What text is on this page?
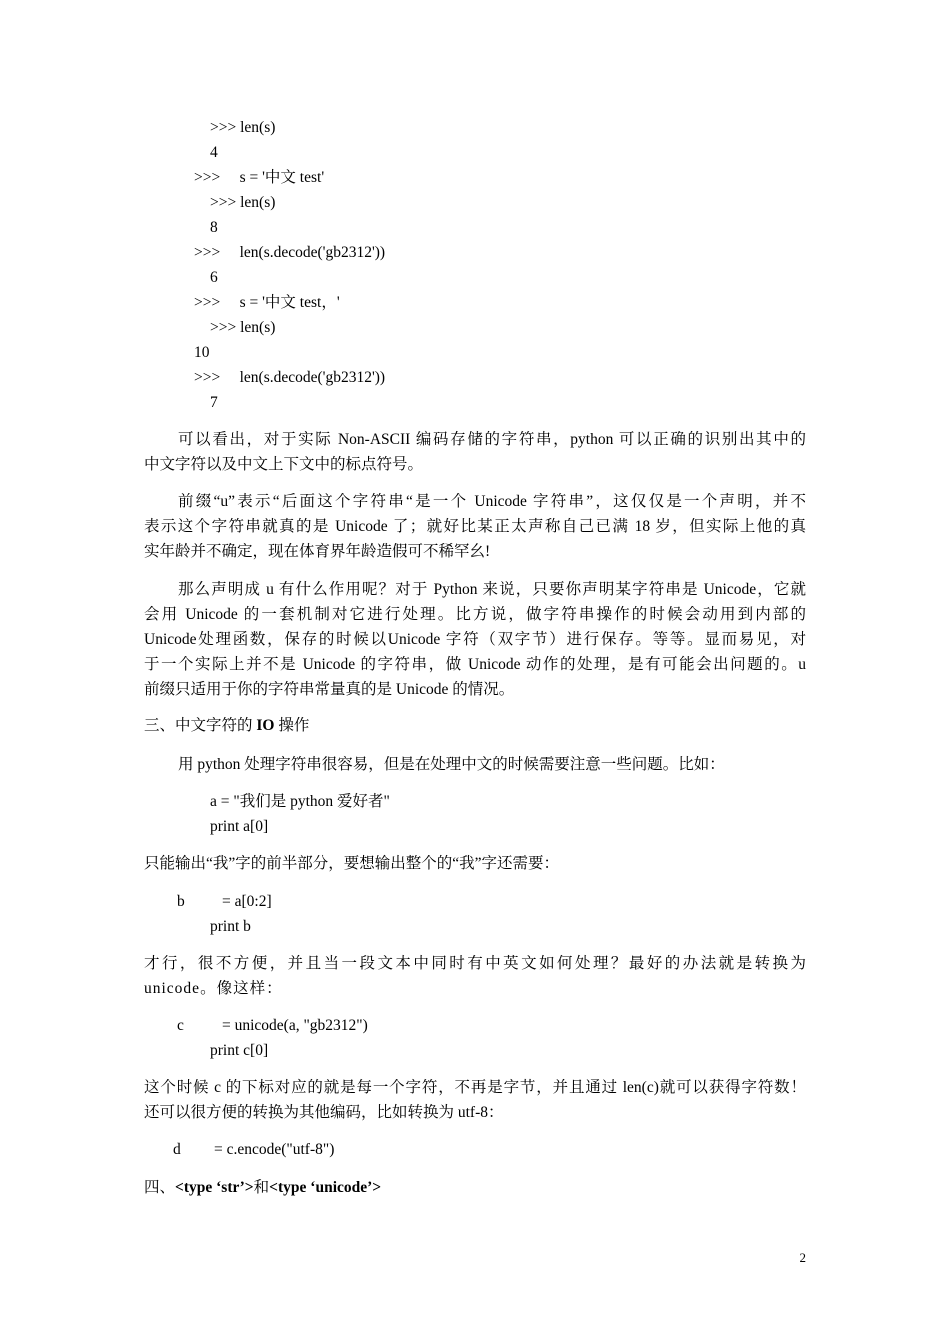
>>> len(s)
4
>>>     s = '中文 test'
>>> len(s)
8
>>>     len(s.decode('gb2312'))
6
>>>     s = '中文 test，'
>>> len(s)
10
>>>     len(s.decode('gb2312'))
7
可以看出，对于实际 Non-ASCII 编码存储的字符串，python 可以正确的识别出其中的
中文字符以及中文上下文中的标点符号。
前缀“u”表示“后面这个字符串“是一个 Unicode 字符串”，这仅仅是一个声明，并不
表示这个字符串就真的是 Unicode 了；就好比某正太声称自己已满 18 岁，但实际上他的真
实年龄并不确定，现在体育界年龄造假可不稀罕幺!
那么声明成 u 有什么作用呢？对于 Python 来说，只要你声明某字符串是 Unicode，它就
会用 Unicode 的一套机制对它进行处理。比方说，做字符串操作的时候会动用到内部的
Unicode处理函数，保存的时候以Unicode 字符（双字节）进行保存。等等。显而易见，对
于一个实际上并不是 Unicode 的字符串，做 Unicode 动作的处理，是有可能会出问题的。u
前缀只适用于你的字符串常量真的是 Unicode 的情况。
三、中文字符的 IO 操作
用 python 处理字符串很容易，但是在处理中文的时候需要注意一些问题。比如：
a = "我们是 python 爱好者"
print a[0]
只能输出“我”字的前半部分，要想输出整个的“我”字还需要：
b = a[0:2]
print b
才行，很不方便，并且当一段文本中同时有中英文如何处理？最好的办法就是转换为
unicode。像这样：
c = unicode(a, "gb2312")
print c[0]
这个时候 c 的下标对应的就是每一个字符，不再是字节，并且通过 len(c)就可以获得字符数！
还可以很方便的转换为其他编码，比如转换为 utf-8：
d = c.encode("utf-8")
四、<type ‘str’>和<type ‘unicode’>
2
